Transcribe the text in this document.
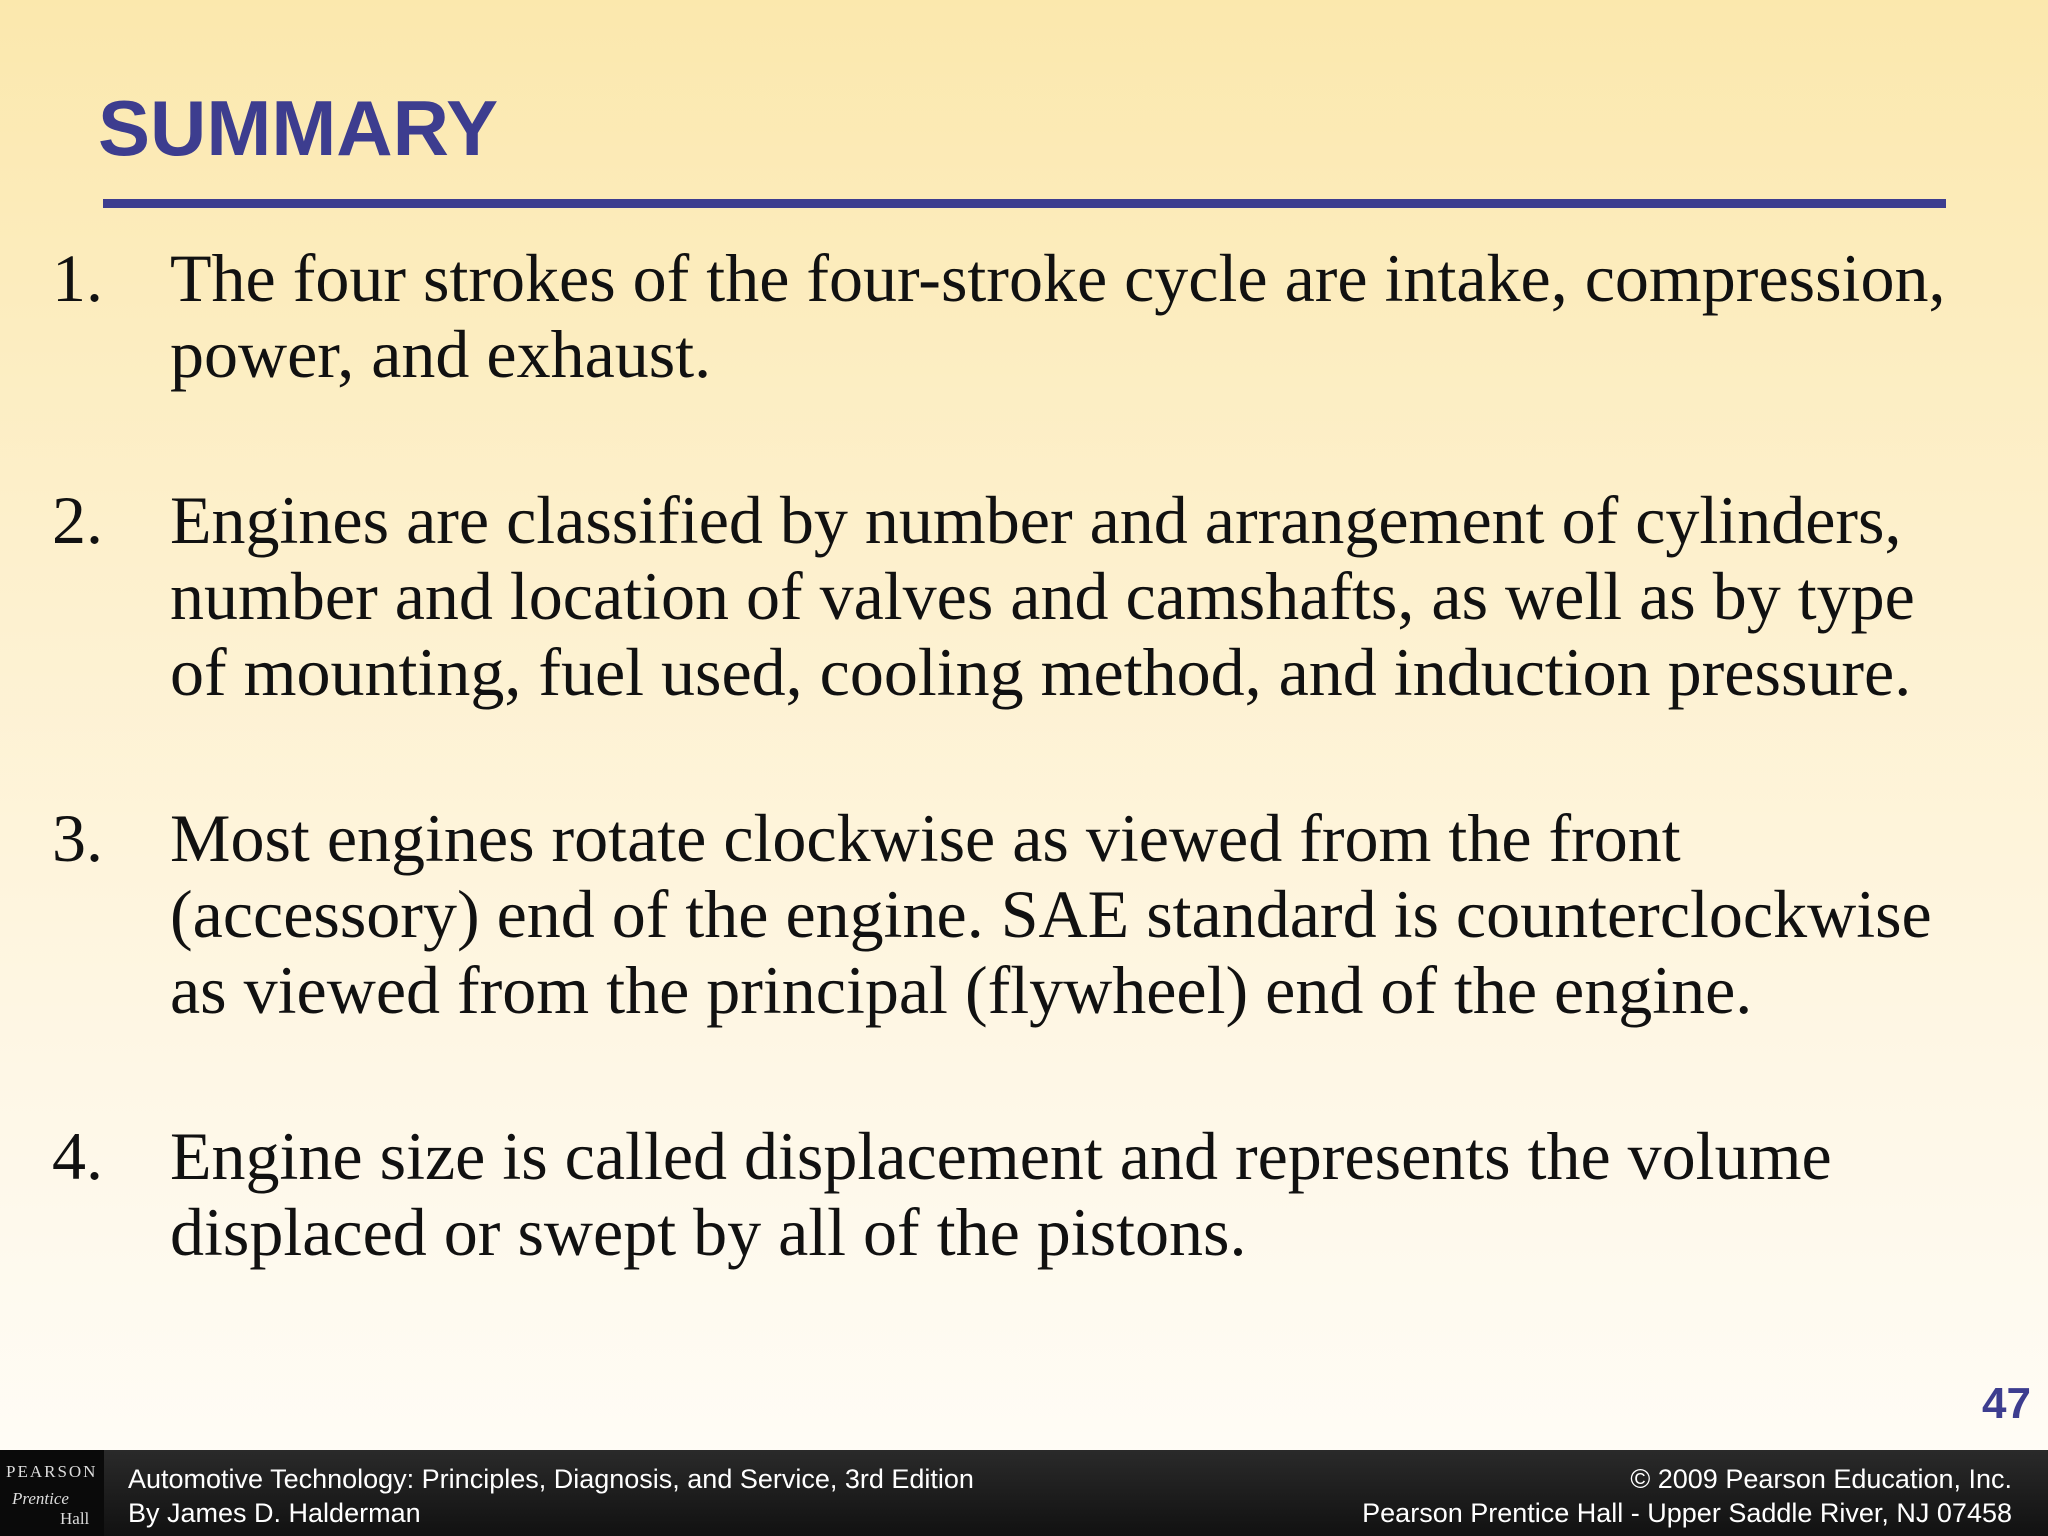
SUMMARY
1. The four strokes of the four-stroke cycle are intake, compression,
power, and exhaust.
2. Engines are classified by number and arrangement of cylinders,
number and location of valves and camshafts, as well as by type
of mounting, fuel used, cooling method, and induction pressure.
3. Most engines rotate clockwise as viewed from the front
(accessory) end of the engine. SAE standard is counterclockwise
as viewed from the principal (flywheel) end of the engine.
4. Engine size is called displacement and represents the volume
displaced or swept by all of the pistons.
47
PEARSON
Prentice
Hall
Automotive Technology: Principles, Diagnosis, and Service, 3rd Edition
By James D. Halderman
© 2009 Pearson Education, Inc.
Pearson Prentice Hall - Upper Saddle River, NJ 07458
